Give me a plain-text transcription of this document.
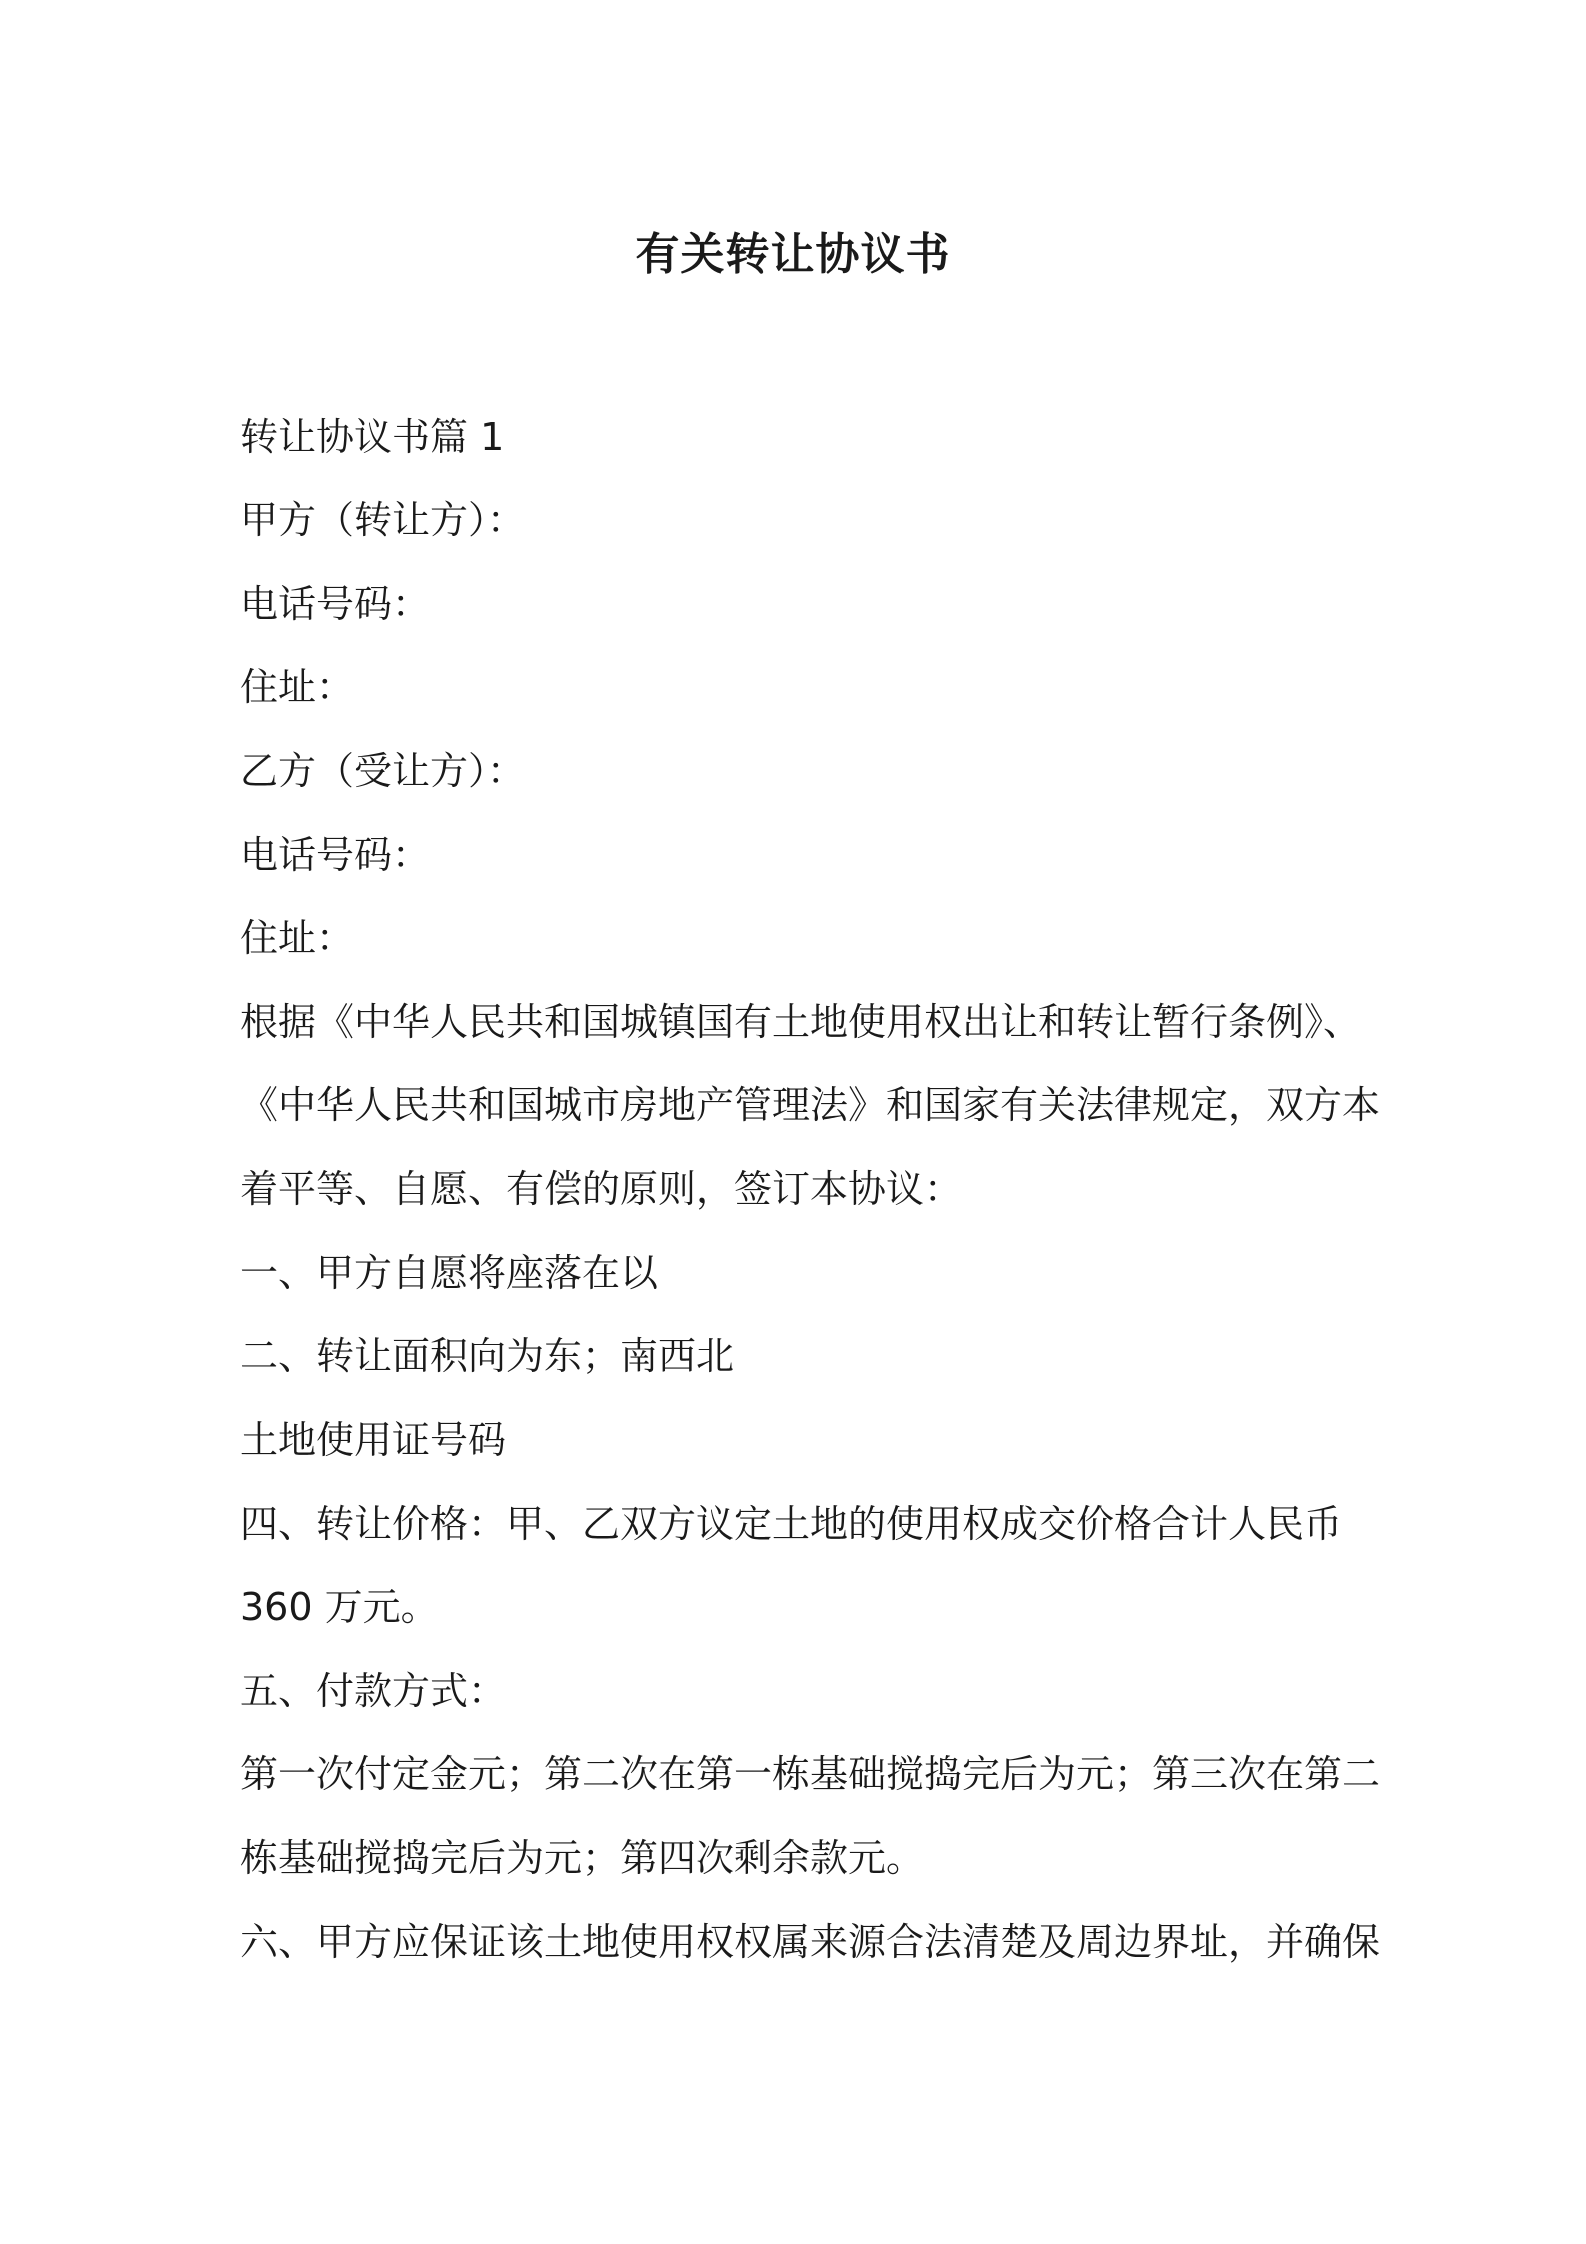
有关转让协议书
转让协议书篇 1
甲方（转让方）：
电话号码：
住址：
乙方（受让方）：
电话号码：
住址：
根据《中华人民共和国城镇国有土地使用权出让和转让暂行条例》、
《中华人民共和国城市房地产管理法》和国家有关法律规定，双方本
着平等、自愿、有偿的原则，签订本协议：
一、甲方自愿将座落在以
二、转让面积向为东；南西北
土地使用证号码
四、转让价格：甲、乙双方议定土地的使用权成交价格合计人民币
360 万元。
五、付款方式：
第一次付定金元；第二次在第一栋基础搅捣完后为元；第三次在第二
栋基础搅捣完后为元；第四次剩余款元。
六、甲方应保证该土地使用权权属来源合法清楚及周边界址，并确保
